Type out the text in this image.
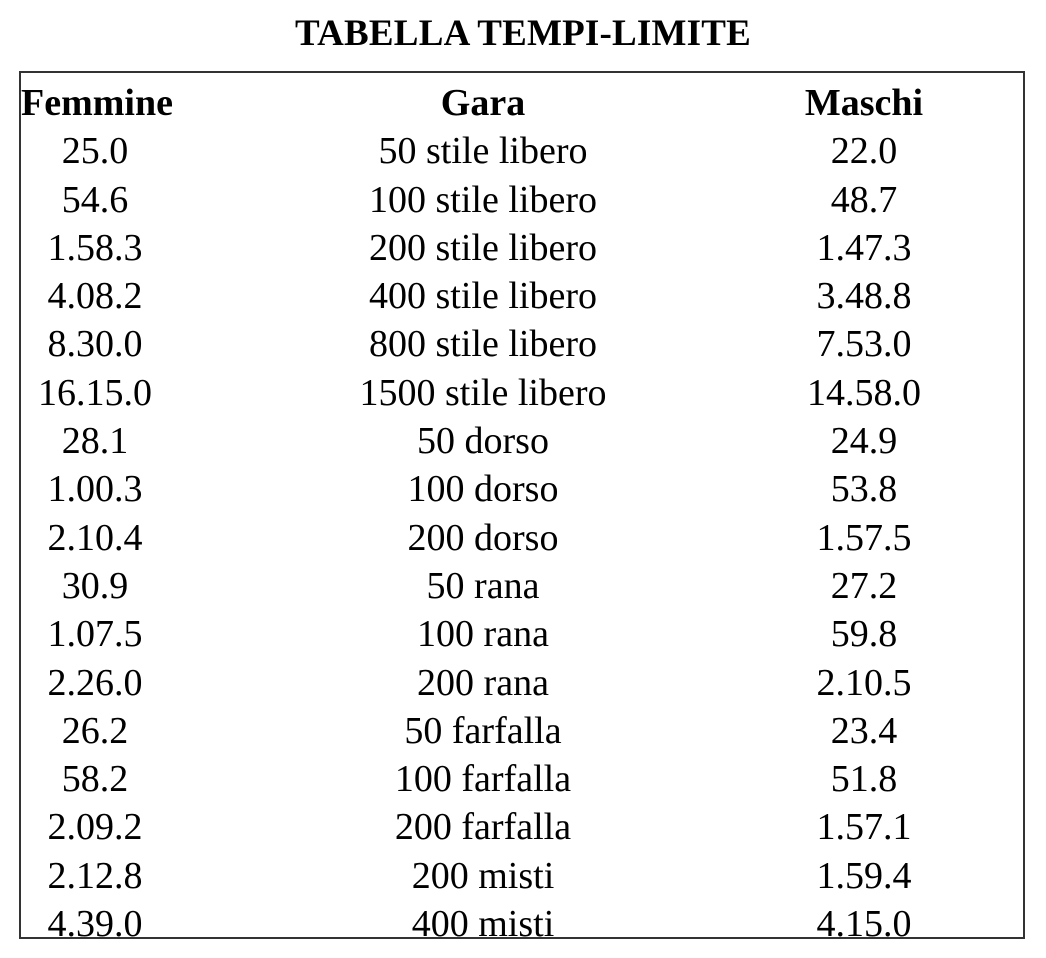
TABELLA TEMPI-LIMITE
Femmine	Gara	Maschi
25.0	50 stile libero	22.0
54.6	100 stile libero	48.7
1.58.3	200 stile libero	1.47.3
4.08.2	400 stile libero	3.48.8
8.30.0	800 stile libero	7.53.0
16.15.0	1500 stile libero	14.58.0
28.1	50 dorso	24.9
1.00.3	100 dorso	53.8
2.10.4	200 dorso	1.57.5
30.9	50 rana	27.2
1.07.5	100 rana	59.8
2.26.0	200 rana	2.10.5
26.2	50 farfalla	23.4
58.2	100 farfalla	51.8
2.09.2	200 farfalla	1.57.1
2.12.8	200 misti	1.59.4
4.39.0	400 misti	4.15.0
